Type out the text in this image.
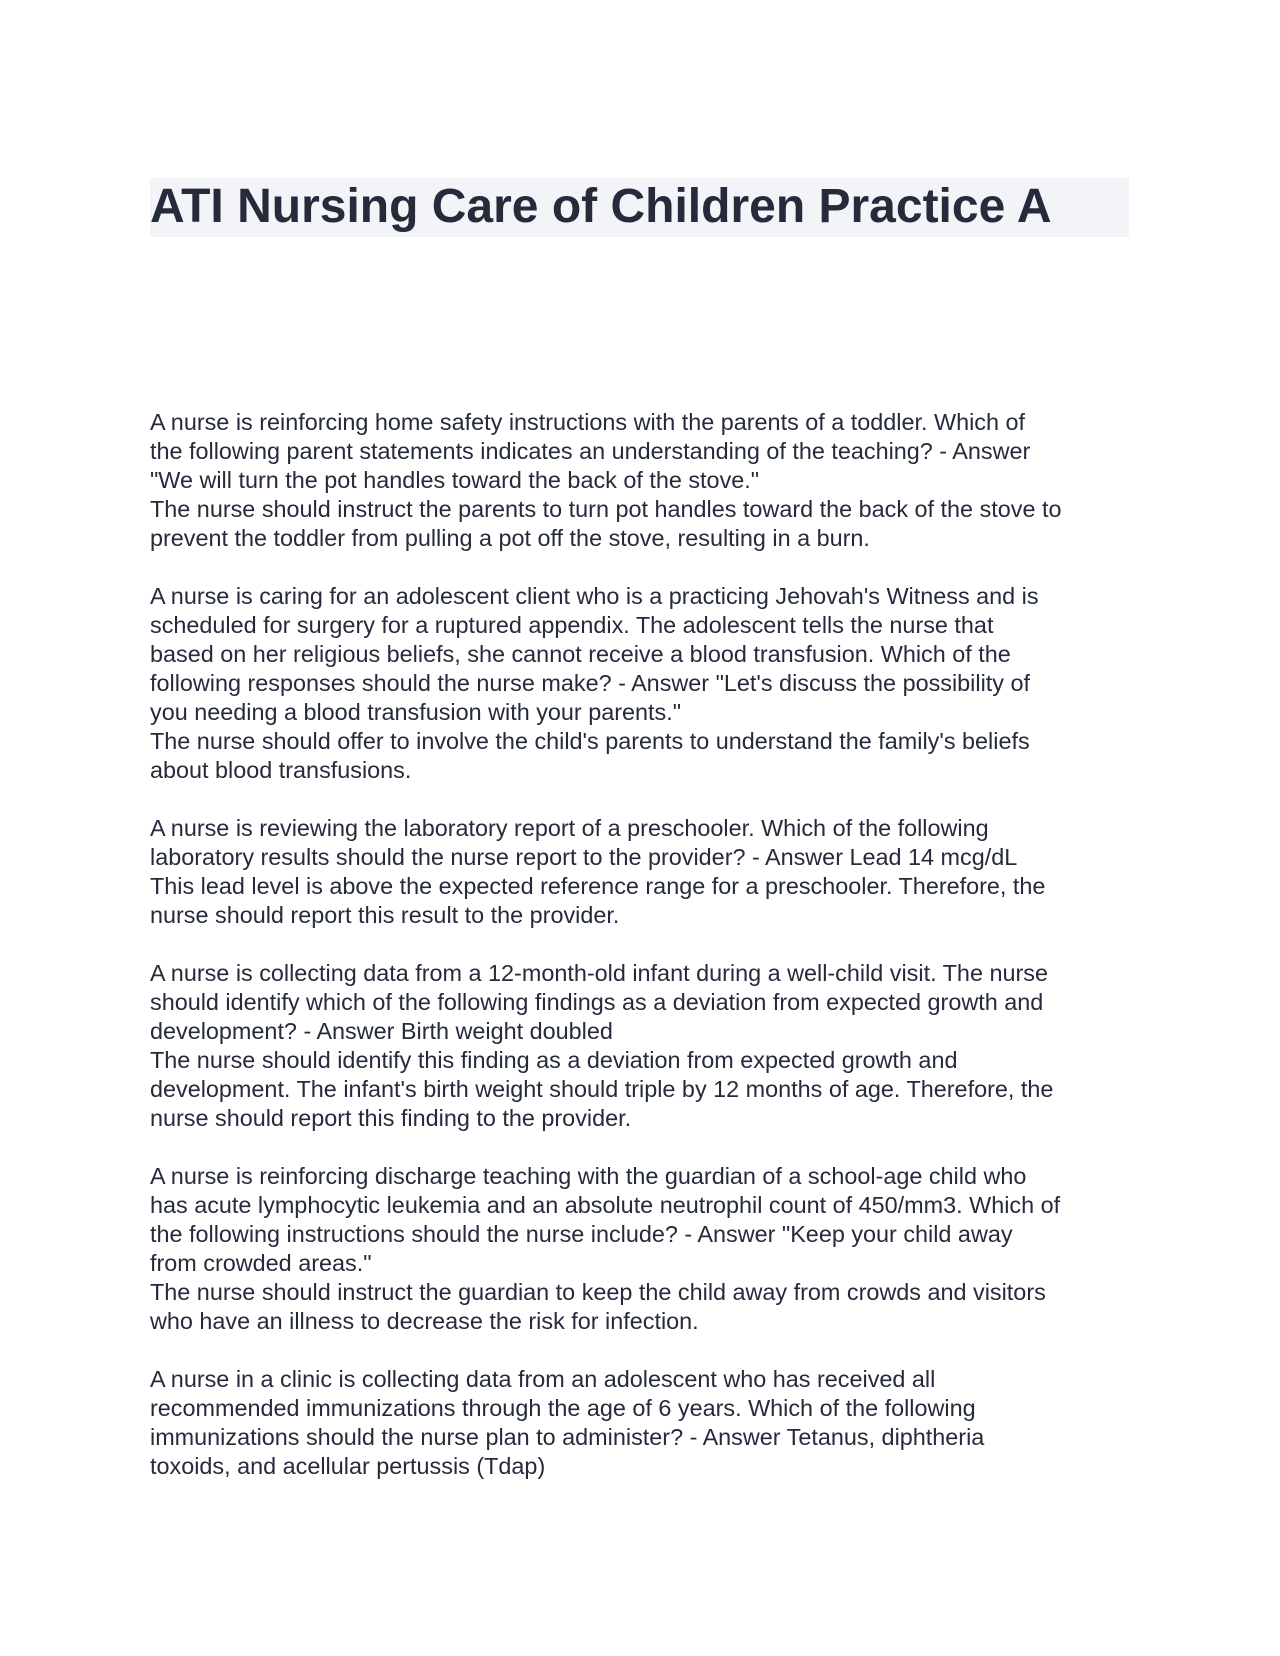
ATI Nursing Care of Children Practice A
A nurse is reinforcing home safety instructions with the parents of a toddler. Which of
the following parent statements indicates an understanding of the teaching? - Answer
"We will turn the pot handles toward the back of the stove."
The nurse should instruct the parents to turn pot handles toward the back of the stove to
prevent the toddler from pulling a pot off the stove, resulting in a burn.
A nurse is caring for an adolescent client who is a practicing Jehovah's Witness and is
scheduled for surgery for a ruptured appendix. The adolescent tells the nurse that
based on her religious beliefs, she cannot receive a blood transfusion. Which of the
following responses should the nurse make? - Answer "Let's discuss the possibility of
you needing a blood transfusion with your parents."
The nurse should offer to involve the child's parents to understand the family's beliefs
about blood transfusions.
A nurse is reviewing the laboratory report of a preschooler. Which of the following
laboratory results should the nurse report to the provider? - Answer Lead 14 mcg/dL
This lead level is above the expected reference range for a preschooler. Therefore, the
nurse should report this result to the provider.
A nurse is collecting data from a 12-month-old infant during a well-child visit. The nurse
should identify which of the following findings as a deviation from expected growth and
development? - Answer Birth weight doubled
The nurse should identify this finding as a deviation from expected growth and
development. The infant's birth weight should triple by 12 months of age. Therefore, the
nurse should report this finding to the provider.
A nurse is reinforcing discharge teaching with the guardian of a school-age child who
has acute lymphocytic leukemia and an absolute neutrophil count of 450/mm3. Which of
the following instructions should the nurse include? - Answer "Keep your child away
from crowded areas."
The nurse should instruct the guardian to keep the child away from crowds and visitors
who have an illness to decrease the risk for infection.
A nurse in a clinic is collecting data from an adolescent who has received all
recommended immunizations through the age of 6 years. Which of the following
immunizations should the nurse plan to administer? - Answer Tetanus, diphtheria
toxoids, and acellular pertussis (Tdap)
